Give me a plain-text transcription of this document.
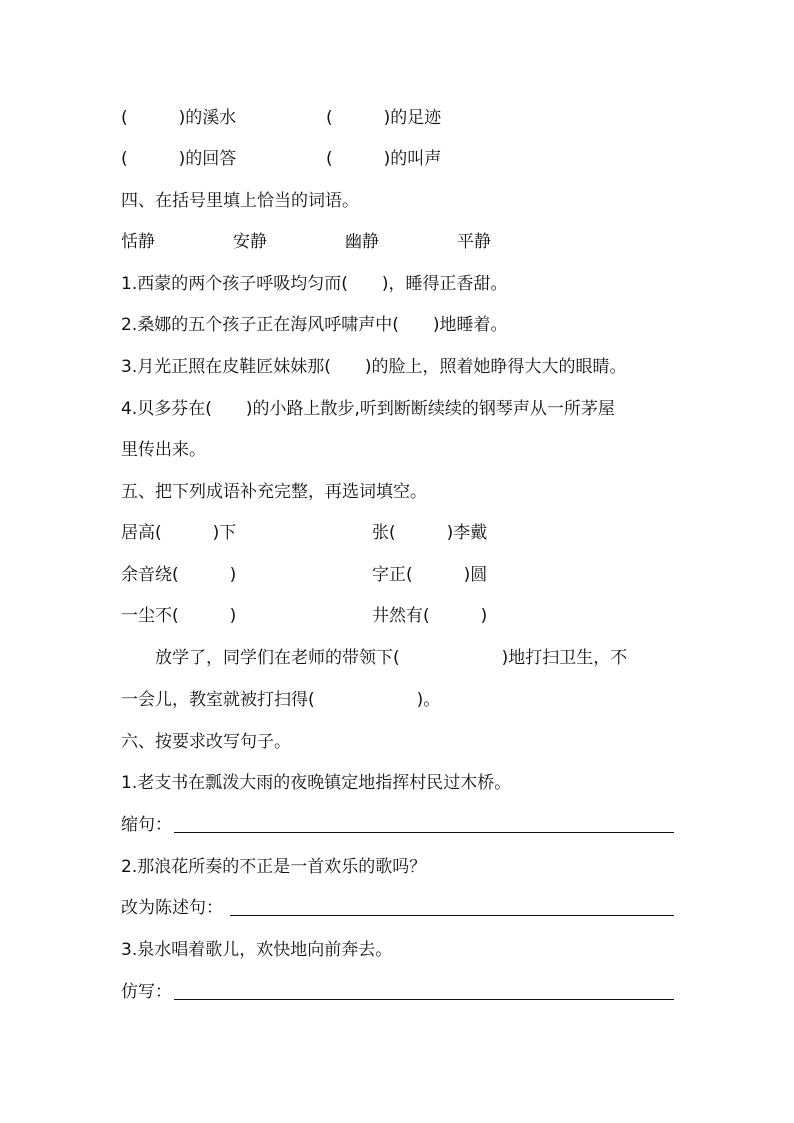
(　　　)的溪水	(　　　)的足迹
(　　　)的回答	(　　　)的叫声
四、在括号里填上恰当的词语。
恬静	安静	幽静	平静
1.西蒙的两个孩子呼吸均匀而(　　)，睡得正香甜。
2.桑娜的五个孩子正在海风呼啸声中(　　)地睡着。
3.月光正照在皮鞋匠妹妹那(　　)的脸上，照着她睁得大大的眼睛。
4.贝多芬在(　　)的小路上散步,听到断断续续的钢琴声从一所茅屋
里传出来。
五、把下列成语补充完整，再选词填空。
居高(　　　)下	张(　　　)李戴
余音绕(　　　)	字正(　　　)圆
一尘不(　　　)	井然有(　　　)
　　放学了，同学们在老师的带领下(　　　　　　)地打扫卫生，不
一会儿，教室就被打扫得(　　　　　　)。
六、按要求改写句子。
1.老支书在瓢泼大雨的夜晚镇定地指挥村民过木桥。
缩句：
2.那浪花所奏的不正是一首欢乐的歌吗？
改为陈述句：
3.泉水唱着歌儿，欢快地向前奔去。
仿写：
